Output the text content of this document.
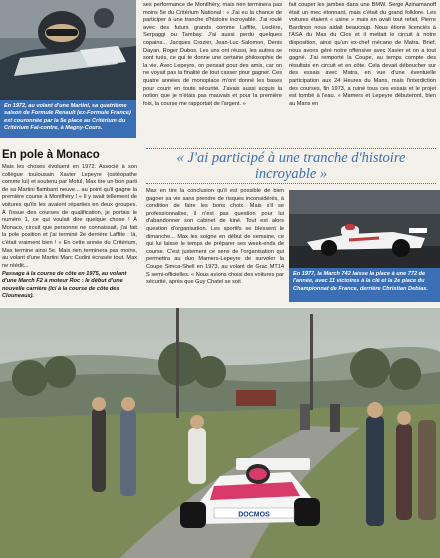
En 1972, au volant d'une Martini, sa quatrième saison de Formule Renault (ex-Formule France) est couronnée par la 5e place au Critérium du Critérium Fal-contre, à Magny-Cours.
ses performance de Montlhéry, mais rien terminera pas moins 5e du Critérium National : « J'ai eu la chance de participer à une tranche d'histoire incroyable. J'ai roulé avec des futurs grands comme Laffite, Leclère, Serpaggi ou Tambay. J'ai aussi perdu quelques copains... Jacques Crozier, Jean-Luc Salomon, Denis Dayan, Roger Dubos. Les uns ont réussi, les autres se sont tués, ce qui te donne une certaine philosophie de la vie. Avec Lepeyre, on pensait pour des amis, car on ne voyait pas la finalité de tout casser pour gagner. Ces quatre années de monoplace m'ont donné les bases pour courir en toute sécurité. J'avais aussi acquis la notion que je n'étais pas mauvais et pour la première fois, la course me rapportait de l'argent. »
fait couper les jambes dans une BMW. Serge Azinamanoff était un mec étonnant, mais c'était du grand folklore. Les voitures étaient « usine » mais en avait tout refait. Pierre Bardinon nous aidait beaucoup. Nous étions licenciés à l'ASA du Mas du Clos et il mettait le circuit à notre disposition, ainsi qu'un ex-chef mécano de Matra. Brief, nous avons géré notre offensive avec Xavier et on a tout gagné. J'ai remporté la Coupe, au temps compte des résultats en circuit et en côte. Cela devait déboucher sur des essais avec Matra, en vue d'une éventuelle participation aux 24 Heures du Mans, mais l'interdiction des courses, fin 1973, a ruiné tous ces essais et le projet est tombé à l'eau. » Mamers et Lepeyre débuteront, bien au Mans en
En pole à Monaco
Mais les choses évoluent en 1972. Associé à son collègue toulousain Xavier Lepeyre (ostéopathe comme lui) et soutenu par Motul, Max tire un bon parti de sa Martini flambant neuve... au point qu'il gagne la première course à Montlhéry ! « Il y avait tellement de voitures qu'ils les avaient réparties en deux groupes. À l'issue des courses de qualification, je portais le numéro 1, ce qui voulait dire quelque chose ! À Monaco, circuit que personne ne connaissait, j'ai fait la pole position et j'ai terminé 2e derrière Laffite : là, c'était vraiment bien ! » En cette année du Critérium, Max termine ainsi 5e. Mais rien terminera pas moins, au volant d'une Martini Marc Cudini écrasée tout. Max ne réédit...
« J'ai participé à une tranche d'histoire incroyable »
Max en tire la conclusion qu'il est possible de bien gagner sa vie sans prendre de risques inconsidérés, à condition de faire les bons choix. Mais s'il se professionnalise, il n'est pas question pour lui d'abandonner son cabinet de kiné. Tout est alors question d'organisation. Les sportifs se blessent le dimanche... Max les soigne en début de semaine, ce qui lui laisse le temps de préparer ses week-ends de course. C'est justement ce sens de l'organisation qui permettra au duo Mamers-Lepeyre de survoler la Coupe Simca-Shell en 1973, au volant de Grac MT14 S semi-officielles. « Nous avions choisi des voitures par sécurité, après que Guy Chatel se soit
Passage à la course de côte en 1975, au volant d'une March F2 à moteur Roc : le début d'une nouvelle carrière (ici à la course de côte des Clouneaux).
En 1977, la March 742 laisse la place à une 772 de l'année, avec 11 victoires à la clé et la 2e place du Championnat de France, derrière Christian Debias.
DOCMOS
